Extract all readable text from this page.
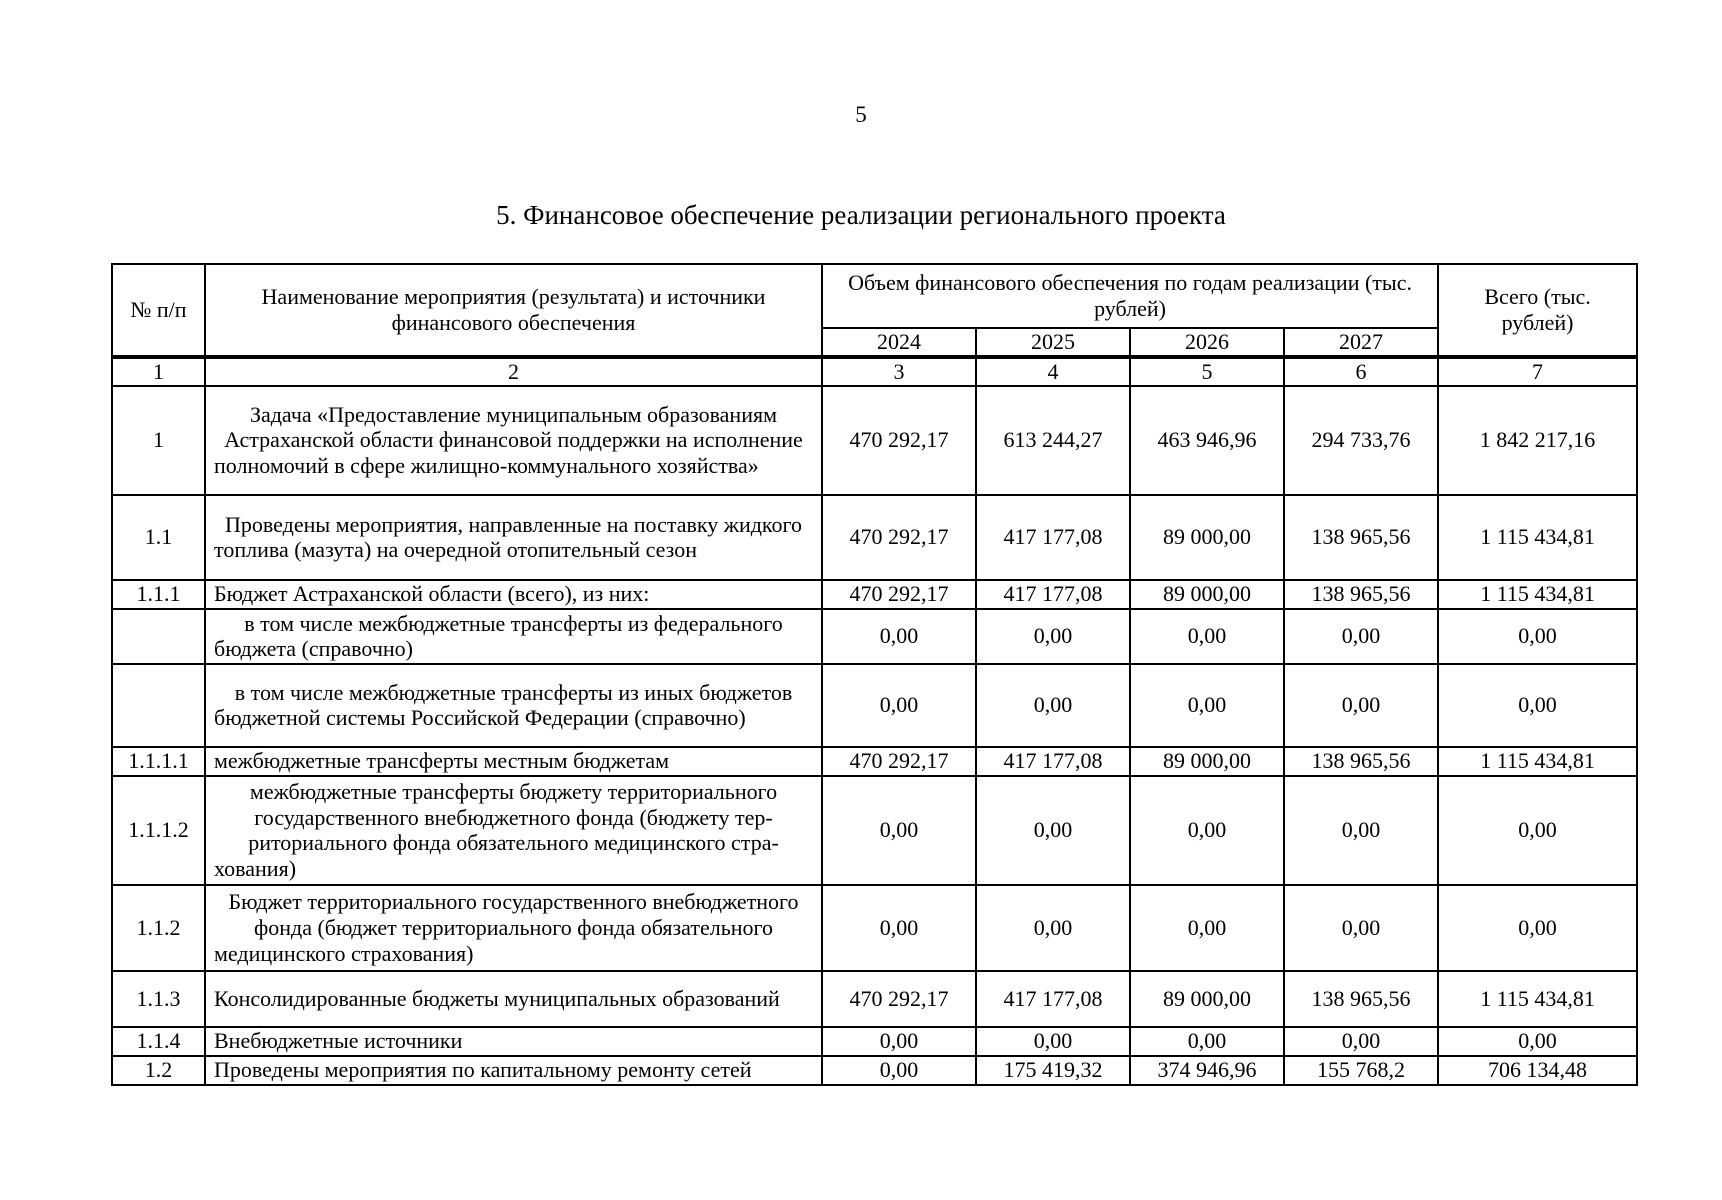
5
5. Финансовое обеспечение реализации регионального проекта
№ п/п	Наименование мероприятия (результата) и источники финансового обеспечения	Объем финансового обеспечения по годам реализации (тыс. рублей)				Всего (тыс. рублей)
		2024	2025	2026	2027	
1	2	3	4	5	6	7
1	Задача «Предоставление муниципальным образованиям Астраханской области финансовой поддержки на исполнение полномочий в сфере жилищно-коммунального хозяйства»	470 292,17	613 244,27	463 946,96	294 733,76	1 842 217,16
1.1	Проведены мероприятия, направленные на поставку жидкого топлива (мазута) на очередной отопительный сезон	470 292,17	417 177,08	89 000,00	138 965,56	1 115 434,81
1.1.1	Бюджет Астраханской области (всего), из них:	470 292,17	417 177,08	89 000,00	138 965,56	1 115 434,81
	в том числе межбюджетные трансферты из федерального бюджета (справочно)	0,00	0,00	0,00	0,00	0,00
	в том числе межбюджетные трансферты из иных бюджетов бюджетной системы Российской Федерации (справочно)	0,00	0,00	0,00	0,00	0,00
1.1.1.1	межбюджетные трансферты местным бюджетам	470 292,17	417 177,08	89 000,00	138 965,56	1 115 434,81
1.1.1.2	межбюджетные трансферты бюджету территориального государственного внебюджетного фонда (бюджету территориального фонда обязательного медицинского страхования)	0,00	0,00	0,00	0,00	0,00
1.1.2	Бюджет территориального государственного внебюджетного фонда (бюджет территориального фонда обязательного медицинского страхования)	0,00	0,00	0,00	0,00	0,00
1.1.3	Консолидированные бюджеты муниципальных образований	470 292,17	417 177,08	89 000,00	138 965,56	1 115 434,81
1.1.4	Внебюджетные источники	0,00	0,00	0,00	0,00	0,00
1.2	Проведены мероприятия по капитальному ремонту сетей	0,00	175 419,32	374 946,96	155 768,2	706 134,48
